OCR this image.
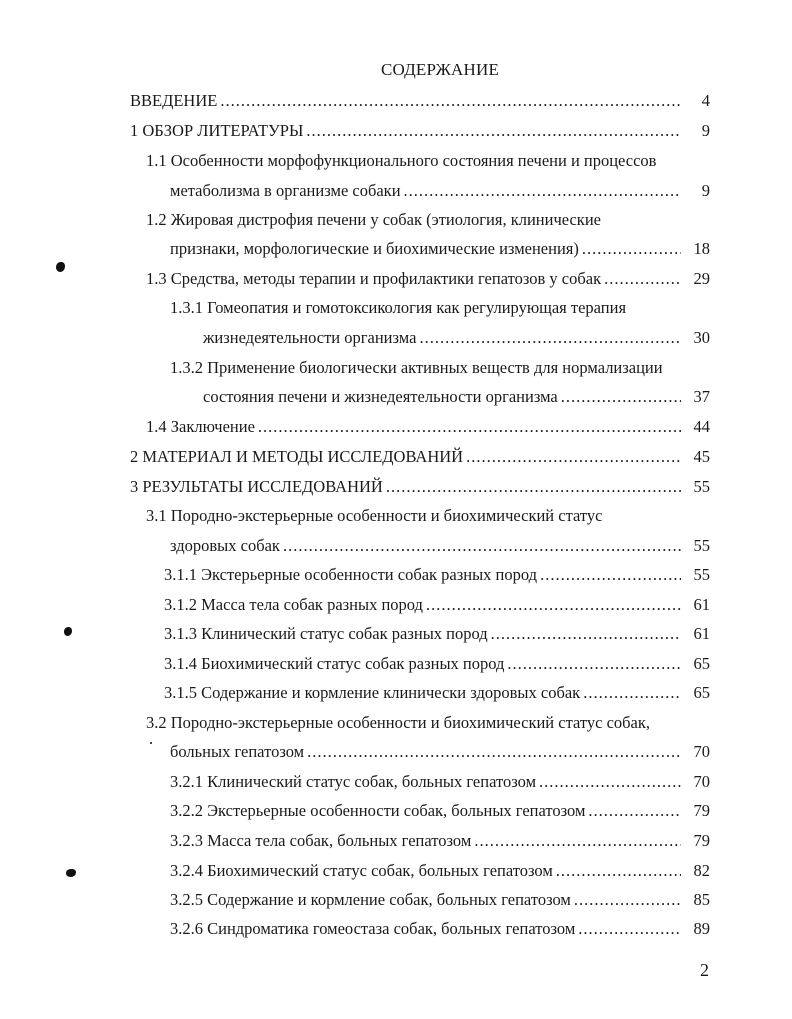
СОДЕРЖАНИЕ
ВВЕДЕНИЕ .....	4
1 ОБЗОР ЛИТЕРАТУРЫ .....	9
1.1 Особенности морфофункционального состояния печени и процессов
метаболизма в организме собаки .....	9
1.2 Жировая дистрофия печени у собак (этиология, клинические
признаки, морфологические и биохимические изменения) .....	18
1.3 Средства, методы терапии и профилактики гепатозов у собак .....	29
1.3.1 Гомеопатия и гомотоксикология как регулирующая терапия
жизнедеятельности организма .....	30
1.3.2 Применение биологически активных веществ для нормализации
состояния печени и жизнедеятельности организма .....	37
1.4 Заключение .....	44
2 МАТЕРИАЛ И МЕТОДЫ ИССЛЕДОВАНИЙ .....	45
3 РЕЗУЛЬТАТЫ ИССЛЕДОВАНИЙ .....	55
3.1 Породно-экстерьерные особенности и биохимический статус
здоровых собак .....	55
3.1.1 Экстерьерные особенности собак разных пород .....	55
3.1.2 Масса тела собак разных пород .....	61
3.1.3 Клинический статус собак разных пород .....	61
3.1.4 Биохимический статус собак разных пород .....	65
3.1.5 Содержание и кормление клинически здоровых собак .....	65
3.2 Породно-экстерьерные особенности и биохимический статус собак,
больных гепатозом .....	70
3.2.1 Клинический статус собак, больных гепатозом .....	70
3.2.2 Экстерьерные особенности собак, больных гепатозом .....	79
3.2.3 Масса тела собак, больных гепатозом .....	79
3.2.4 Биохимический статус собак, больных гепатозом .....	82
3.2.5 Содержание и кормление собак, больных гепатозом .....	85
3.2.6 Синдроматика гомеостаза собак, больных гепатозом .....	89
2
